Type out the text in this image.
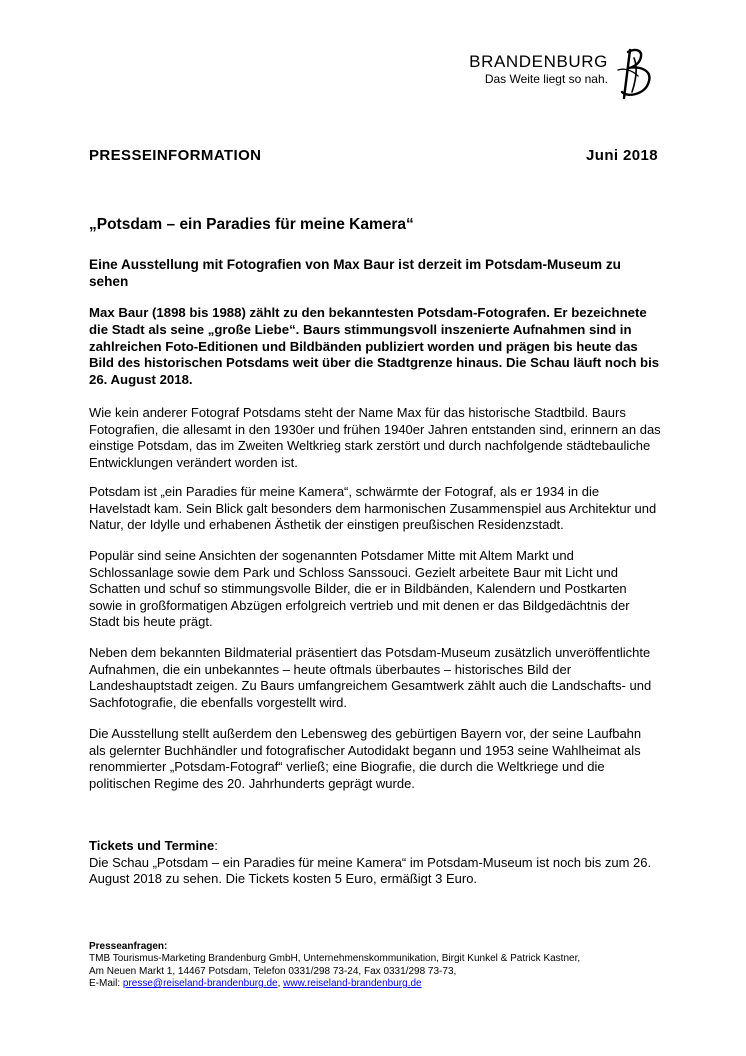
BRANDENBURG
Das Weite liegt so nah.
PRESSEINFORMATION	Juni 2018
„Potsdam – ein Paradies für meine Kamera“
Eine Ausstellung mit Fotografien von Max Baur ist derzeit im Potsdam-Museum zu sehen

Max Baur (1898 bis 1988) zählt zu den bekanntesten Potsdam-Fotografen. Er bezeichnete die Stadt als seine „große Liebe“. Baurs stimmungsvoll inszenierte Aufnahmen sind in zahlreichen Foto-Editionen und Bildbänden publiziert worden und prägen bis heute das Bild des historischen Potsdams weit über die Stadtgrenze hinaus. Die Schau läuft noch bis 26. August 2018.

Wie kein anderer Fotograf Potsdams steht der Name Max für das historische Stadtbild. Baurs Fotografien, die allesamt in den 1930er und frühen 1940er Jahren entstanden sind, erinnern an das einstige Potsdam, das im Zweiten Weltkrieg stark zerstört und durch nachfolgende städtebauliche Entwicklungen verändert worden ist.

Potsdam ist „ein Paradies für meine Kamera“, schwärmte der Fotograf, als er 1934 in die Havelstadt kam. Sein Blick galt besonders dem harmonischen Zusammenspiel aus Architektur und Natur, der Idylle und erhabenen Ästhetik der einstigen preußischen Residenzstadt.

Populär sind seine Ansichten der sogenannten Potsdamer Mitte mit Altem Markt und Schlossanlage sowie dem Park und Schloss Sanssouci. Gezielt arbeitete Baur mit Licht und Schatten und schuf so stimmungsvolle Bilder, die er in Bildbänden, Kalendern und Postkarten sowie in großformatigen Abzügen erfolgreich vertrieb und mit denen er das Bildgedächtnis der Stadt bis heute prägt.

Neben dem bekannten Bildmaterial präsentiert das Potsdam-Museum zusätzlich unveröffentlichte Aufnahmen, die ein unbekanntes – heute oftmals überbautes – historisches Bild der Landeshauptstadt zeigen. Zu Baurs umfangreichem Gesamtwerk zählt auch die Landschafts- und Sachfotografie, die ebenfalls vorgestellt wird.

Die Ausstellung stellt außerdem den Lebensweg des gebürtigen Bayern vor, der seine Laufbahn als gelernter Buchhändler und fotografischer Autodidakt begann und 1953 seine Wahlheimat als renommierter „Potsdam-Fotograf“ verließ; eine Biografie, die durch die Weltkriege und die politischen Regime des 20. Jahrhunderts geprägt wurde.

Tickets und Termine:

Die Schau „Potsdam – ein Paradies für meine Kamera“ im Potsdam-Museum ist noch bis zum 26. August 2018 zu sehen. Die Tickets kosten 5 Euro, ermäßigt 3 Euro.

Presseanfragen:
TMB Tourismus-Marketing Brandenburg GmbH, Unternehmenskommunikation, Birgit Kunkel & Patrick Kastner,
Am Neuen Markt 1, 14467 Potsdam, Telefon 0331/298 73-24, Fax 0331/298 73-73,
E-Mail: presse@reiseland-brandenburg.de, www.reiseland-brandenburg.de
